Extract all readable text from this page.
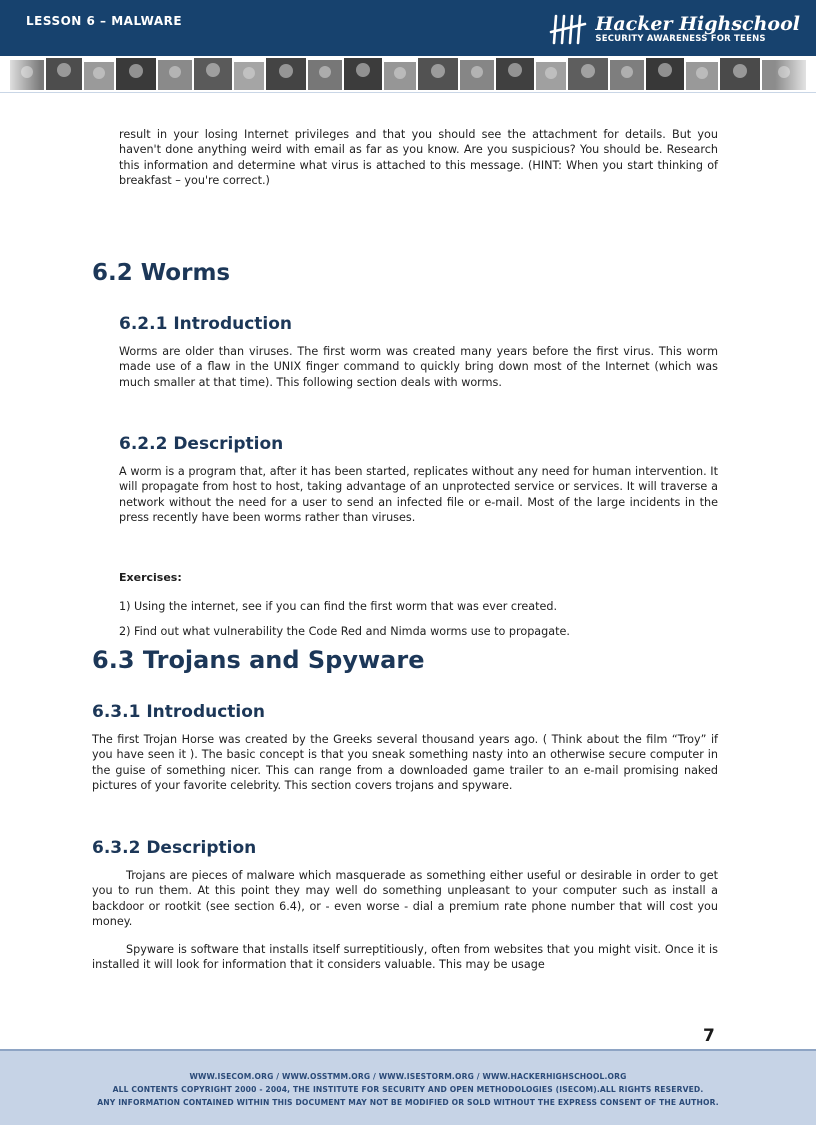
LESSON 6 – MALWARE	Hacker Highschool
SECURITY AWARENESS FOR TEENS
result in your losing Internet privileges and that you should see the attachment for details. But you haven't done anything weird with email as far as you know. Are you suspicious? You should be. Research this information and determine what virus is attached to this message. (HINT: When you start thinking of breakfast – you're correct.)
6.2 Worms
6.2.1 Introduction
Worms are older than viruses. The first worm was created many years before the first virus. This worm made use of a flaw in the UNIX finger command to quickly bring down most of the Internet (which was much smaller at that time). This following section deals with worms.
6.2.2 Description
A worm is a program that, after it has been started, replicates without any need for human intervention. It will propagate from host to host, taking advantage of an unprotected service or services. It will traverse a network without the need for a user to send an infected file or e-mail. Most of the large incidents in the press recently have been worms rather than viruses.
Exercises:
1) Using the internet, see if you can find the first worm that was ever created.
2) Find out what vulnerability the Code Red and Nimda worms use to propagate.
6.3 Trojans and Spyware
6.3.1 Introduction
The first Trojan Horse was created by the Greeks several thousand years ago. ( Think about the film “Troy” if you have seen it ). The basic concept is that you sneak something nasty into an otherwise secure computer in the guise of something nicer. This can range from a downloaded game trailer to an e-mail promising naked pictures of your favorite celebrity. This section covers trojans and spyware.
6.3.2 Description
Trojans are pieces of malware which masquerade as something either useful or desirable in order to get you to run them. At this point they may well do something unpleasant to your computer such as install a backdoor or rootkit (see section 6.4), or - even worse - dial a premium rate phone number that will cost you money.
Spyware is software that installs itself surreptitiously, often from websites that you might visit. Once it is installed it will look for information that it considers valuable. This may be usage
7
WWW.ISECOM.ORG / WWW.OSSTMM.ORG / WWW.ISESTORM.ORG / WWW.HACKERHIGHSCHOOL.ORG
ALL CONTENTS COPYRIGHT 2000 - 2004, THE INSTITUTE FOR SECURITY AND OPEN METHODOLOGIES (ISECOM).ALL RIGHTS RESERVED.
ANY INFORMATION CONTAINED WITHIN THIS DOCUMENT MAY NOT BE MODIFIED OR SOLD WITHOUT THE EXPRESS CONSENT OF THE AUTHOR.
